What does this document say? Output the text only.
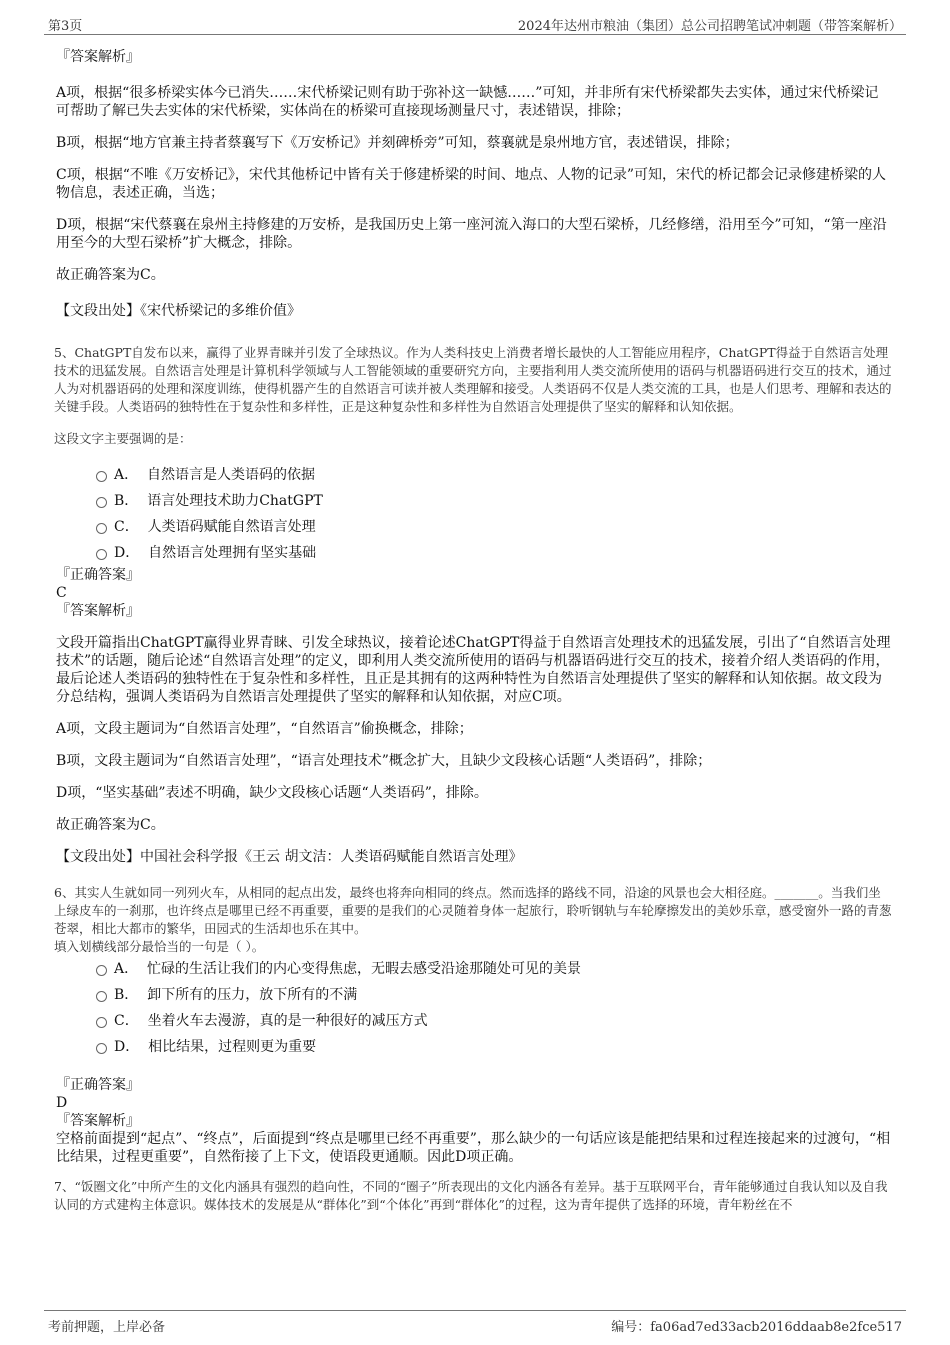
第3页	2024年达州市粮油（集团）总公司招聘笔试冲刺题（带答案解析）

『答案解析』

A项，根据“很多桥梁实体今已消失……宋代桥梁记则有助于弥补这一缺憾……”可知，并非所有宋代桥梁都失去实体，通过宋代桥梁记可帮助了解已失去实体的宋代桥梁，实体尚在的桥梁可直接现场测量尺寸，表述错误，排除；

B项，根据“地方官兼主持者蔡襄写下《万安桥记》并刻碑桥旁”可知，蔡襄就是泉州地方官，表述错误，排除；

C项，根据“不唯《万安桥记》，宋代其他桥记中皆有关于修建桥梁的时间、地点、人物的记录”可知，宋代的桥记都会记录修建桥梁的人物信息，表述正确，当选；

D项，根据“宋代蔡襄在泉州主持修建的万安桥，是我国历史上第一座河流入海口的大型石梁桥，几经修缮，沿用至今”可知，“第一座沿用至今的大型石梁桥”扩大概念，排除。

故正确答案为C。

【文段出处】《宋代桥梁记的多维价值》

5、ChatGPT自发布以来，赢得了业界青睐并引发了全球热议。作为人类科技史上消费者增长最快的人工智能应用程序，ChatGPT得益于自然语言处理技术的迅猛发展。自然语言处理是计算机科学领域与人工智能领域的重要研究方向，主要指利用人类交流所使用的语码与机器语码进行交互的技术，通过人为对机器语码的处理和深度训练，使得机器产生的自然语言可读并被人类理解和接受。人类语码不仅是人类交流的工具，也是人们思考、理解和表达的关键手段。人类语码的独特性在于复杂性和多样性，正是这种复杂性和多样性为自然语言处理提供了坚实的解释和认知依据。

这段文字主要强调的是：

A． 自然语言是人类语码的依据
B． 语言处理技术助力ChatGPT
C． 人类语码赋能自然语言处理
D． 自然语言处理拥有坚实基础

『正确答案』

C

『答案解析』

文段开篇指出ChatGPT赢得业界青睐、引发全球热议，接着论述ChatGPT得益于自然语言处理技术的迅猛发展，引出了“自然语言处理技术”的话题，随后论述“自然语言处理”的定义，即利用人类交流所使用的语码与机器语码进行交互的技术，接着介绍人类语码的作用，最后论述人类语码的独特性在于复杂性和多样性，且正是其拥有的这两种特性为自然语言处理提供了坚实的解释和认知依据。故文段为分总结构，强调人类语码为自然语言处理提供了坚实的解释和认知依据，对应C项。

A项，文段主题词为“自然语言处理”，“自然语言”偷换概念，排除；

B项，文段主题词为“自然语言处理”，“语言处理技术”概念扩大，且缺少文段核心话题“人类语码”，排除；

D项，“坚实基础”表述不明确，缺少文段核心话题“人类语码”，排除。

故正确答案为C。

【文段出处】中国社会科学报《王云 胡文洁：人类语码赋能自然语言处理》

6、其实人生就如同一列列火车，从相同的起点出发，最终也将奔向相同的终点。然而选择的路线不同，沿途的风景也会大相径庭。_______。当我们坐上绿皮车的一刹那，也许终点是哪里已经不再重要，重要的是我们的心灵随着身体一起旅行，聆听钢轨与车轮摩擦发出的美妙乐章，感受窗外一路的青葱苍翠，相比大都市的繁华，田园式的生活却也乐在其中。

填入划横线部分最恰当的一句是（ ）。

A． 忙碌的生活让我们的内心变得焦虑，无暇去感受沿途那随处可见的美景
B． 卸下所有的压力，放下所有的不满
C． 坐着火车去漫游，真的是一种很好的减压方式
D． 相比结果，过程则更为重要

『正确答案』

D

『答案解析』

空格前面提到“起点”、“终点”，后面提到“终点是哪里已经不再重要”，那么缺少的一句话应该是能把结果和过程连接起来的过渡句，“相比结果，过程更重要”，自然衔接了上下文，使语段更通顺。因此D项正确。

7、“饭圈文化”中所产生的文化内涵具有强烈的趋向性，不同的“圈子”所表现出的文化内涵各有差异。基于互联网平台，青年能够通过自我认知以及自我认同的方式建构主体意识。媒体技术的发展是从“群体化”到“个体化”再到“群体化”的过程，这为青年提供了选择的环境，青年粉丝在不

考前押题，上岸必备	编号：fa06ad7ed33acb2016ddaab8e2fce517
